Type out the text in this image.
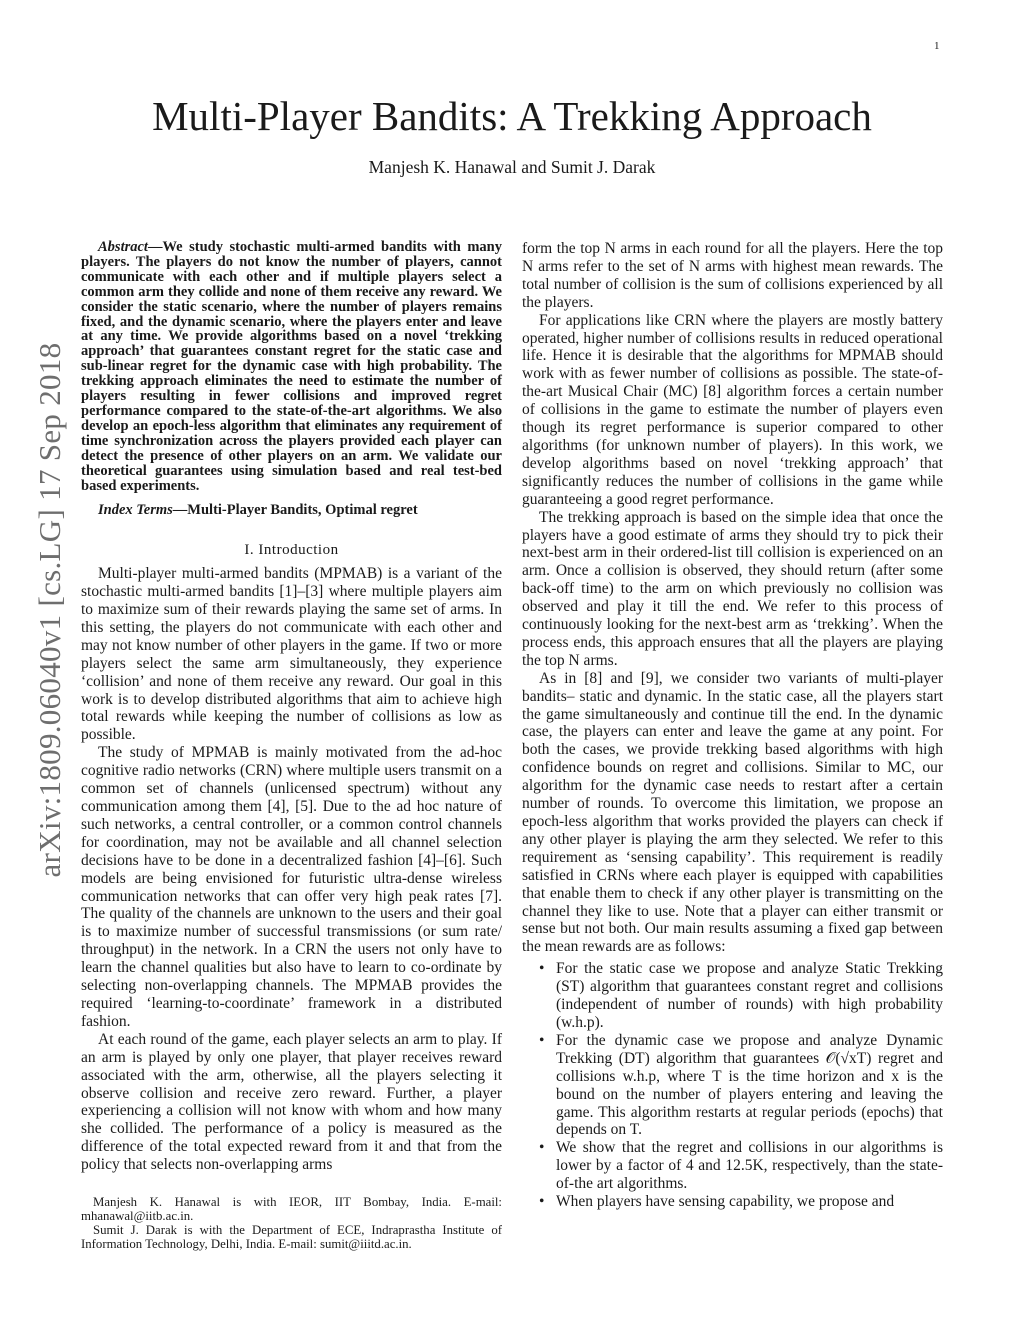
1
Multi-Player Bandits: A Trekking Approach
Manjesh K. Hanawal and Sumit J. Darak
arXiv:1809.06040v1 [cs.LG] 17 Sep 2018

Abstract—We study stochastic multi-armed bandits with many players. The players do not know the number of players, cannot communicate with each other and if multiple players select a common arm they collide and none of them receive any reward. We consider the static scenario, where the number of players remains fixed, and the dynamic scenario, where the players enter and leave at any time. We provide algorithms based on a novel ‘trekking approach’ that guarantees constant regret for the static case and sub-linear regret for the dynamic case with high probability. The trekking approach eliminates the need to estimate the number of players resulting in fewer collisions and improved regret performance compared to the state-of-the-art algorithms. We also develop an epoch-less algorithm that eliminates any requirement of time synchronization across the players provided each player can detect the presence of other players on an arm. We validate our theoretical guarantees using simulation based and real test-bed based experiments.

Index Terms—Multi-Player Bandits, Optimal regret

I. Introduction

Multi-player multi-armed bandits (MPMAB) is a variant of the stochastic multi-armed bandits [1]–[3] where multiple players aim to maximize sum of their rewards playing the same set of arms. In this setting, the players do not communicate with each other and may not know number of other players in the game. If two or more players select the same arm simultaneously, they experience ‘collision’ and none of them receive any reward. Our goal in this work is to develop distributed algorithms that aim to achieve high total rewards while keeping the number of collisions as low as possible.

The study of MPMAB is mainly motivated from the ad-hoc cognitive radio networks (CRN) where multiple users transmit on a common set of channels (unlicensed spectrum) without any communication among them [4], [5]. Due to the ad hoc nature of such networks, a central controller, or a common control channels for coordination, may not be available and all channel selection decisions have to be done in a decentralized fashion [4]–[6]. Such models are being envisioned for futuristic ultra-dense wireless communication networks that can offer very high peak rates [7]. The quality of the channels are unknown to the users and their goal is to maximize number of successful transmissions (or sum rate/ throughput) in the network. In a CRN the users not only have to learn the channel qualities but also have to learn to co-ordinate by selecting non-overlapping channels. The MPMAB provides the required ‘learning-to-coordinate’ framework in a distributed fashion.

At each round of the game, each player selects an arm to play. If an arm is played by only one player, that player receives reward associated with the arm, otherwise, all the players selecting it observe collision and receive zero reward. Further, a player experiencing a collision will not know with whom and how many she collided. The performance of a policy is measured as the difference of the total expected reward from it and that from the policy that selects non-overlapping arms

Manjesh K. Hanawal is with IEOR, IIT Bombay, India. E-mail: mhanawal@iitb.ac.in.

Sumit J. Darak is with the Department of ECE, Indraprastha Institute of Information Technology, Delhi, India. E-mail: sumit@iiitd.ac.in.

form the top N arms in each round for all the players. Here the top N arms refer to the set of N arms with highest mean rewards. The total number of collision is the sum of collisions experienced by all the players.

For applications like CRN where the players are mostly battery operated, higher number of collisions results in reduced operational life. Hence it is desirable that the algorithms for MPMAB should work with as fewer number of collisions as possible. The state-of-the-art Musical Chair (MC) [8] algorithm forces a certain number of collisions in the game to estimate the number of players even though its regret performance is superior compared to other algorithms (for unknown number of players). In this work, we develop algorithms based on novel ‘trekking approach’ that significantly reduces the number of collisions in the game while guaranteeing a good regret performance.

The trekking approach is based on the simple idea that once the players have a good estimate of arms they should try to pick their next-best arm in their ordered-list till collision is experienced on an arm. Once a collision is observed, they should return (after some back-off time) to the arm on which previously no collision was observed and play it till the end. We refer to this process of continuously looking for the next-best arm as ‘trekking’. When the process ends, this approach ensures that all the players are playing the top N arms.

As in [8] and [9], we consider two variants of multi-player bandits– static and dynamic. In the static case, all the players start the game simultaneously and continue till the end. In the dynamic case, the players can enter and leave the game at any point. For both the cases, we provide trekking based algorithms with high confidence bounds on regret and collisions. Similar to MC, our algorithm for the dynamic case needs to restart after a certain number of rounds. To overcome this limitation, we propose an epoch-less algorithm that works provided the players can check if any other player is playing the arm they selected. We refer to this requirement as ‘sensing capability’. This requirement is readily satisfied in CRNs where each player is equipped with capabilities that enable them to check if any other player is transmitting on the channel they like to use. Note that a player can either transmit or sense but not both. Our main results assuming a fixed gap between the mean rewards are as follows:

• For the static case we propose and analyze Static Trekking (ST) algorithm that guarantees constant regret and collisions (independent of number of rounds) with high probability (w.h.p).
• For the dynamic case we propose and analyze Dynamic Trekking (DT) algorithm that guarantees 𝒪(√xT) regret and collisions w.h.p, where T is the time horizon and x is the bound on the number of players entering and leaving the game. This algorithm restarts at regular periods (epochs) that depends on T.
• We show that the regret and collisions in our algorithms is lower by a factor of 4 and 12.5K, respectively, than the state-of-the art algorithms.
• When players have sensing capability, we propose and
